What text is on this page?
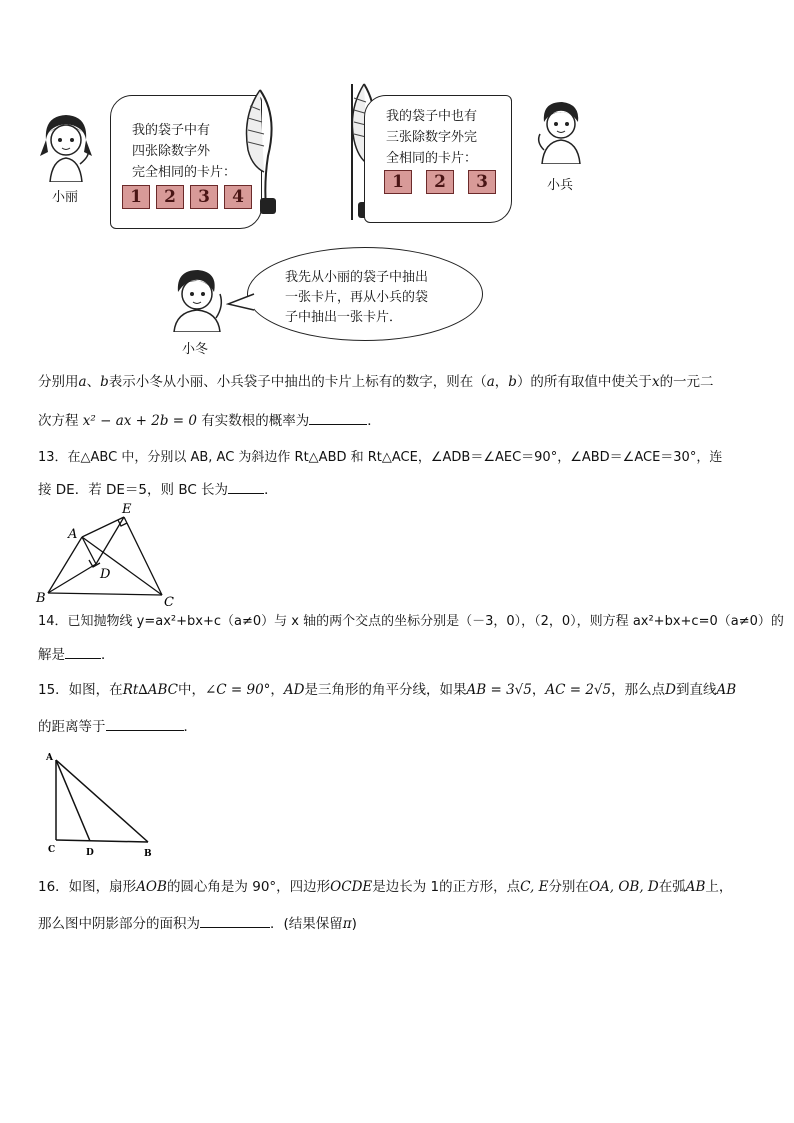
小丽
我的袋子中有
四张除数字外
完全相同的卡片：
1 2 3 4
我的袋子中也有
三张除数字外完
全相同的卡片：
1 2 3	小兵
小冬
我先从小丽的袋子中抽出
一张卡片，再从小兵的袋
子中抽出一张卡片．
分别用a、b表示小冬从小丽、小兵袋子中抽出的卡片上标有的数字，则在（a，b）的所有取值中使关于x的一元二
次方程 x² − ax + 2b = 0 有实数根的概率为	．
13．在△ABC 中，分别以 AB, AC 为斜边作 Rt△ABD 和 Rt△ACE，∠ADB＝∠AEC＝90°，∠ABD＝∠ACE＝30°，连
接 DE．若 DE＝5，则 BC 长为	．
B	C
A
E
D
14．已知抛物线 y=ax²+bx+c（a≠0）与 x 轴的两个交点的坐标分别是（－3，0），（2，0），则方程 ax²+bx+c=0（a≠0）的
解是	．
15．如图，在Rt∆ABC中，∠C = 90°，AD是三角形的角平分线，如果AB = 3√5，AC = 2√5，那么点D到直线AB
的距离等于	．
A
C	D	B
16．如图，扇形AOB的圆心角是为 90°，四边形OCDE是边长为 1的正方形，点C, E分别在OA, OB, D在弧AB上，
那么图中阴影部分的面积为	．(结果保留π)
